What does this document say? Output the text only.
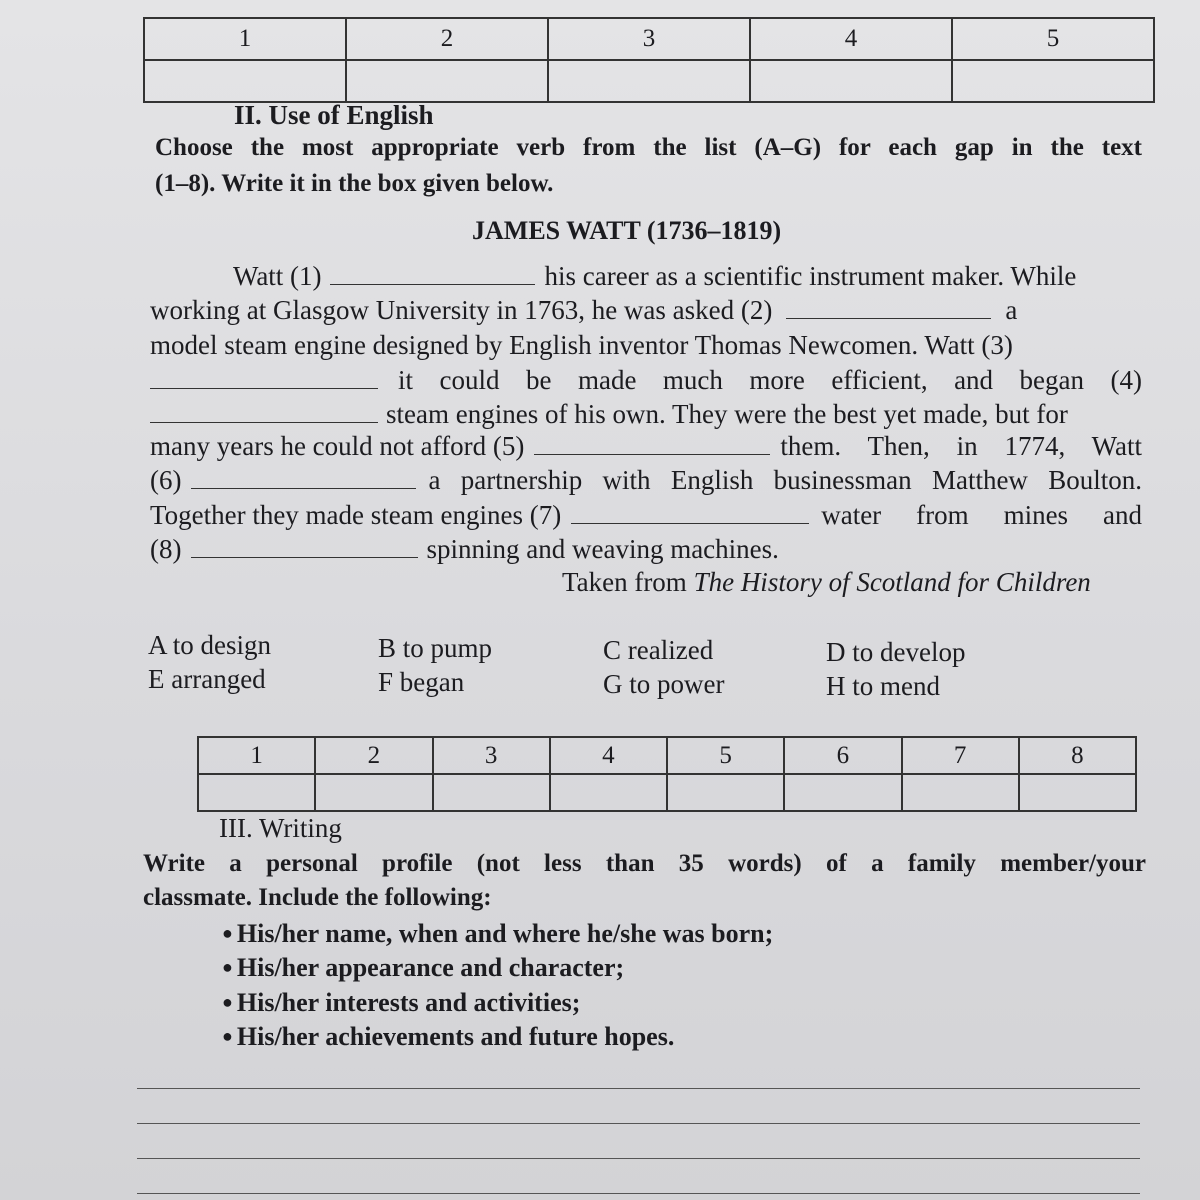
1	2	3	4	5

II. Use of English
Choose the most appropriate verb from the list (A–G) for each gap in the text
(1–8). Write it in the box given below.
JAMES WATT (1736–1819)
Watt (1)	his career as a scientific instrument maker. While
working at Glasgow University in 1763, he was asked (2)	a
model steam engine designed by English inventor Thomas Newcomen. Watt (3)
it could be made much more efficient, and began (4)
steam engines of his own. They were the best yet made, but for
many years he could not afford (5)	them. Then, in 1774, Watt
(6)	a partnership with English businessman Matthew Boulton.
Together they made steam engines (7)	water from mines and
(8)	spinning and weaving machines.
Taken from The History of Scotland for Children
A to design
E arranged
B to pump
F began
C realized
G to power
D to develop
H to mend
1	2	3	4	5	6	7	8

III. Writing
Write a personal profile (not less than 35 words) of a family member/your
classmate. Include the following:
● His/her name, when and where he/she was born;
● His/her appearance and character;
● His/her interests and activities;
● His/her achievements and future hopes.
